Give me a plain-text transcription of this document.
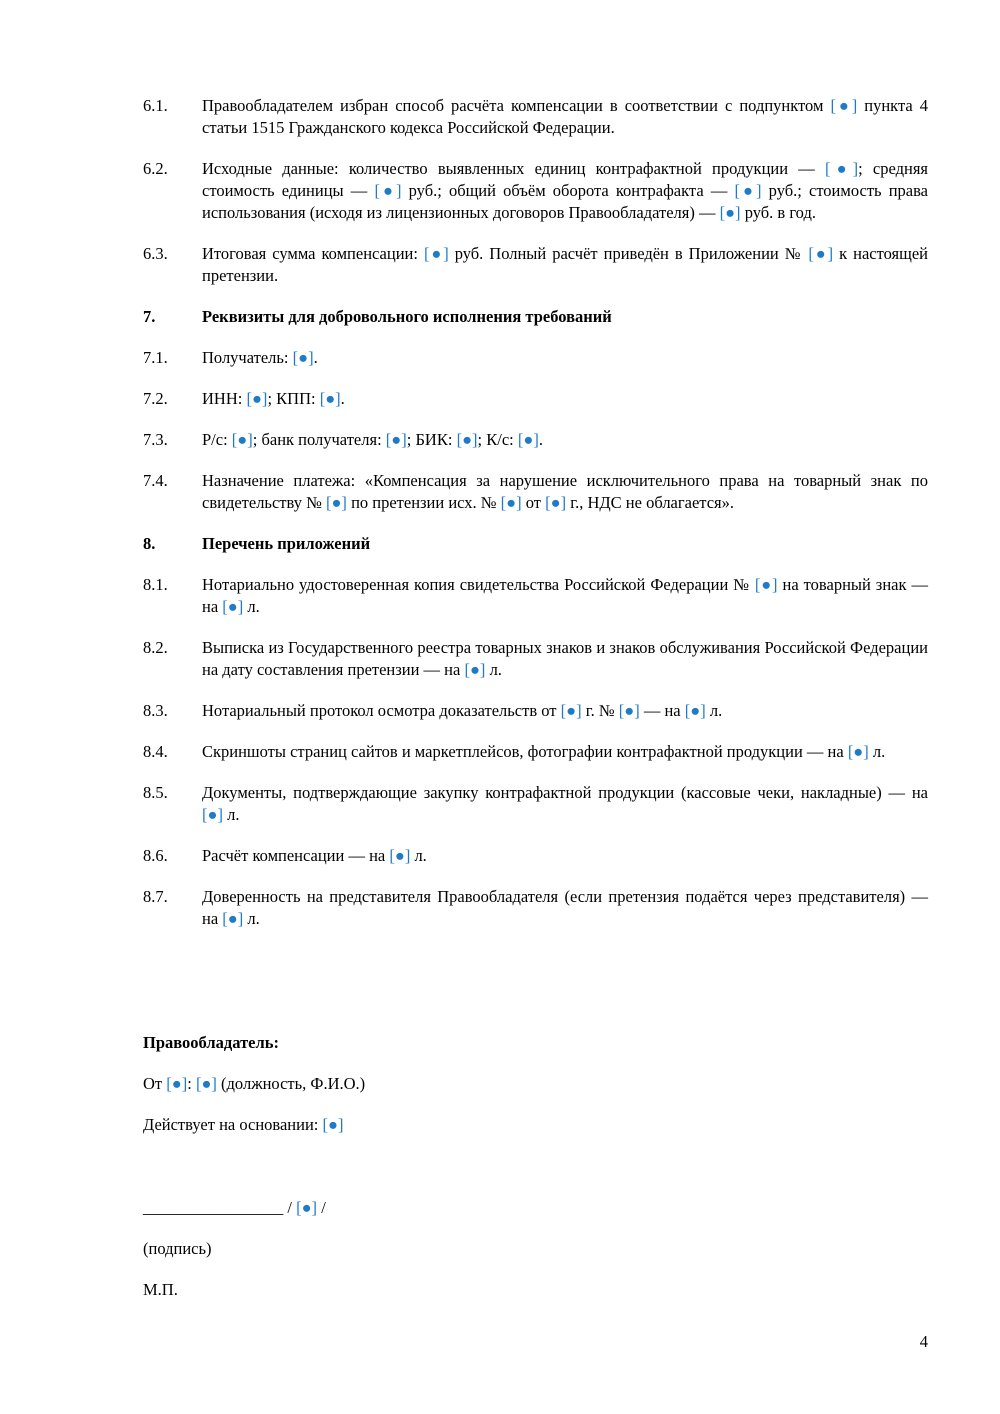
6.1.	Правообладателем избран способ расчёта компенсации в соответствии с подпунктом [●] пункта 4 статьи 1515 Гражданского кодекса Российской Федерации.
6.2.	Исходные данные: количество выявленных единиц контрафактной продукции — [●]; средняя стоимость единицы — [●] руб.; общий объём оборота контрафакта — [●] руб.; стоимость права использования (исходя из лицензионных договоров Правообладателя) — [●] руб. в год.
6.3.	Итоговая сумма компенсации: [●] руб. Полный расчёт приведён в Приложении № [●] к настоящей претензии.
7.	Реквизиты для добровольного исполнения требований
7.1.	Получатель: [●].
7.2.	ИНН: [●]; КПП: [●].
7.3.	Р/с: [●]; банк получателя: [●]; БИК: [●]; К/с: [●].
7.4.	Назначение платежа: «Компенсация за нарушение исключительного права на товарный знак по свидетельству № [●] по претензии исх. № [●] от [●] г., НДС не облагается».
8.	Перечень приложений
8.1.	Нотариально удостоверенная копия свидетельства Российской Федерации № [●] на товарный знак — на [●] л.
8.2.	Выписка из Государственного реестра товарных знаков и знаков обслуживания Российской Федерации на дату составления претензии — на [●] л.
8.3.	Нотариальный протокол осмотра доказательств от [●] г. № [●] — на [●] л.
8.4.	Скриншоты страниц сайтов и маркетплейсов, фотографии контрафактной продукции — на [●] л.
8.5.	Документы, подтверждающие закупку контрафактной продукции (кассовые чеки, накладные) — на [●] л.
8.6.	Расчёт компенсации — на [●] л.
8.7.	Доверенность на представителя Правообладателя (если претензия подаётся через представителя) — на [●] л.

Правообладатель:

От [●]: [●] (должность, Ф.И.О.)

Действует на основании: [●]

_________________ / [●] /

(подпись)

М.П.

4
